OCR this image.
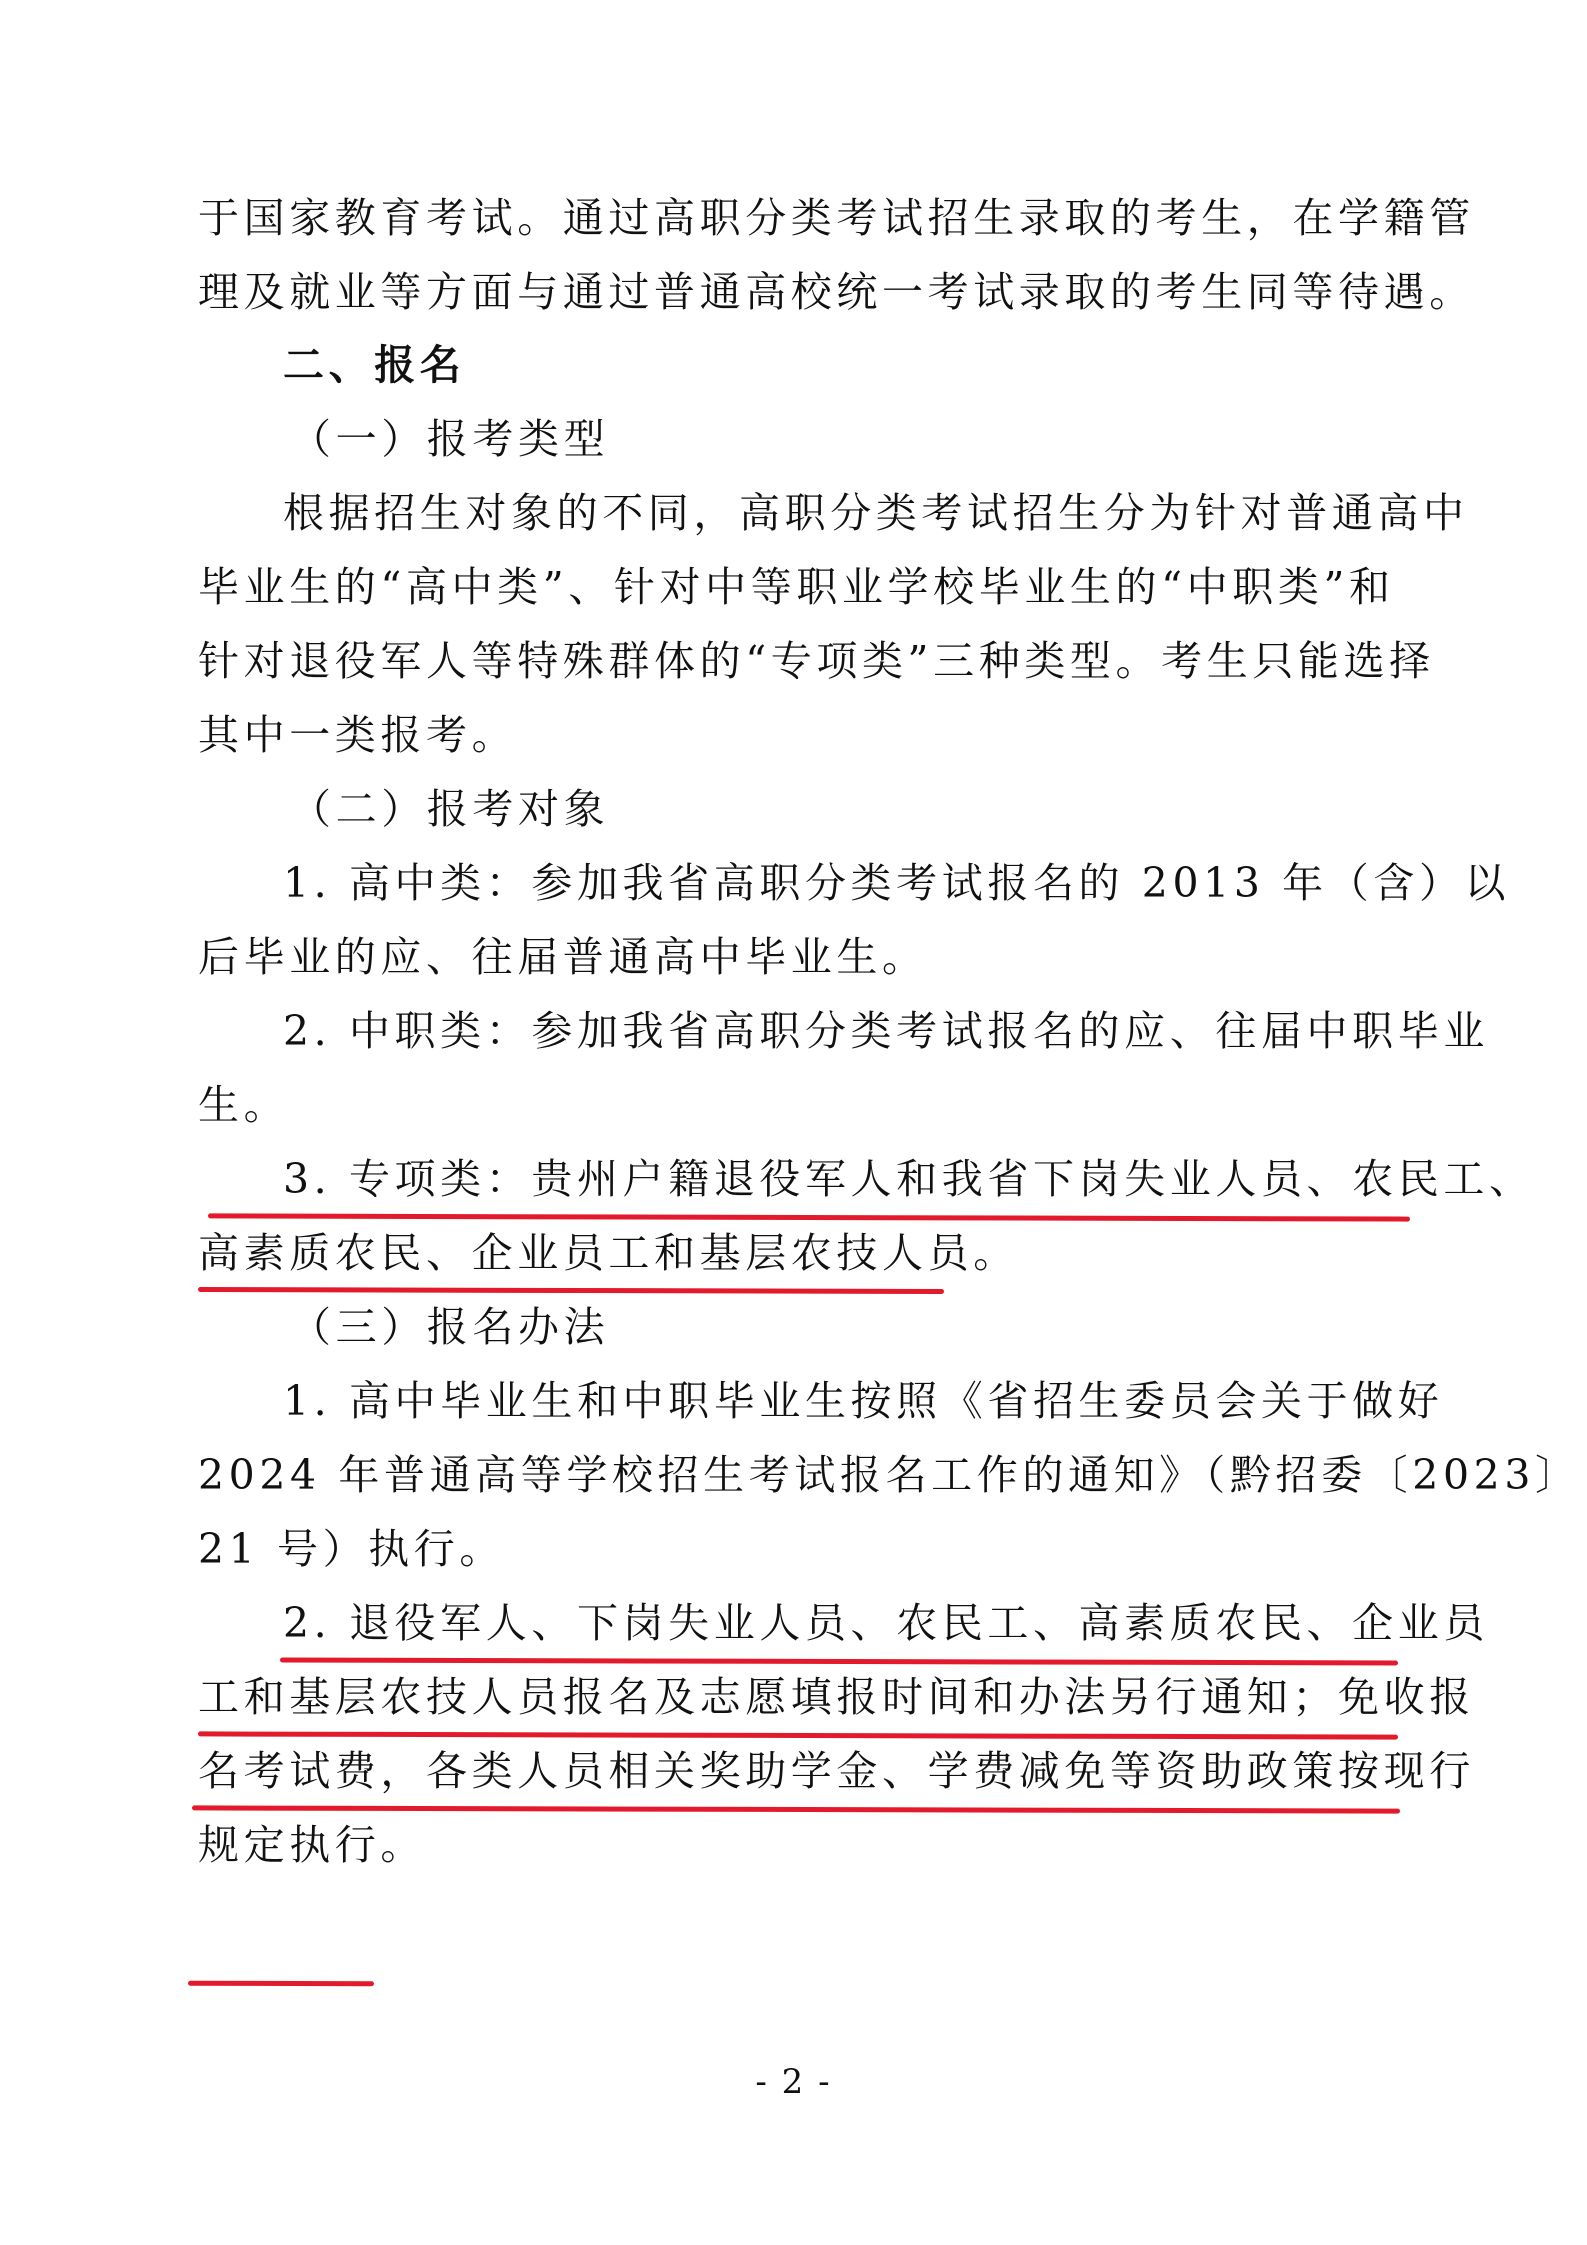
于国家教育考试。通过高职分类考试招生录取的考生，在学籍管
理及就业等方面与通过普通高校统一考试录取的考生同等待遇。
二、报名
（一）报考类型
根据招生对象的不同，高职分类考试招生分为针对普通高中
毕业生的“高中类”、针对中等职业学校毕业生的“中职类”和
针对退役军人等特殊群体的“专项类”三种类型。考生只能选择
其中一类报考。
（二）报考对象
1. 高中类：参加我省高职分类考试报名的 2013 年（含）以
后毕业的应、往届普通高中毕业生。
2. 中职类：参加我省高职分类考试报名的应、往届中职毕业
生。
3. 专项类：贵州户籍退役军人和我省下岗失业人员、农民工、
高素质农民、企业员工和基层农技人员。
（三）报名办法
1. 高中毕业生和中职毕业生按照《省招生委员会关于做好
2024 年普通高等学校招生考试报名工作的通知》（黔招委〔2023〕
21 号）执行。
2. 退役军人、下岗失业人员、农民工、高素质农民、企业员
工和基层农技人员报名及志愿填报时间和办法另行通知；免收报
名考试费，各类人员相关奖助学金、学费减免等资助政策按现行
规定执行。
- 2 -
